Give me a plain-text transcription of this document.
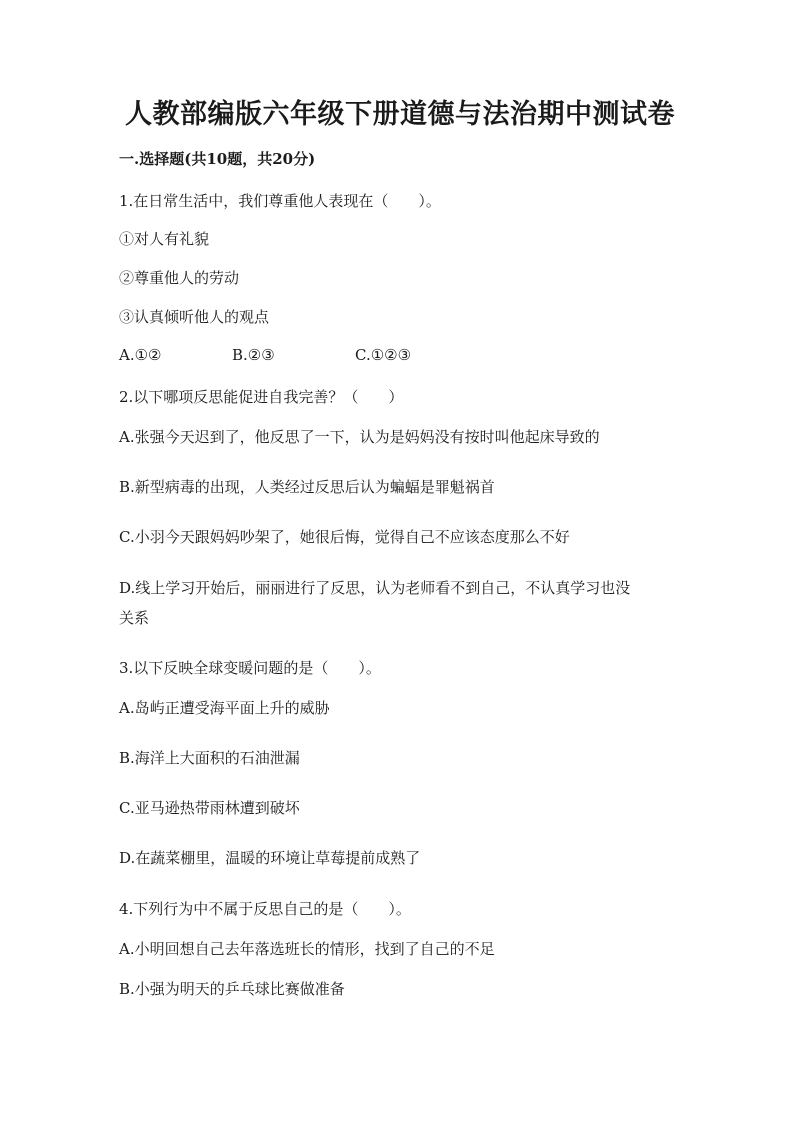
人教部编版六年级下册道德与法治期中测试卷
一.选择题(共10题，共20分)
1.在日常生活中，我们尊重他人表现在（　　）。
①对人有礼貌
②尊重他人的劳动
③认真倾听他人的观点
A.①②	B.②③	C.①②③
2.以下哪项反思能促进自我完善？（　　）
A.张强今天迟到了，他反思了一下，认为是妈妈没有按时叫他起床导致的
B.新型病毒的出现，人类经过反思后认为蝙蝠是罪魁祸首
C.小羽今天跟妈妈吵架了，她很后悔，觉得自己不应该态度那么不好
D.线上学习开始后，丽丽进行了反思，认为老师看不到自己，不认真学习也没
关系
3.以下反映全球变暖问题的是（　　）。
A.岛屿正遭受海平面上升的威胁
B.海洋上大面积的石油泄漏
C.亚马逊热带雨林遭到破坏
D.在蔬菜棚里，温暖的环境让草莓提前成熟了
4.下列行为中不属于反思自己的是（　　）。
A.小明回想自己去年落选班长的情形，找到了自己的不足
B.小强为明天的乒乓球比赛做准备
